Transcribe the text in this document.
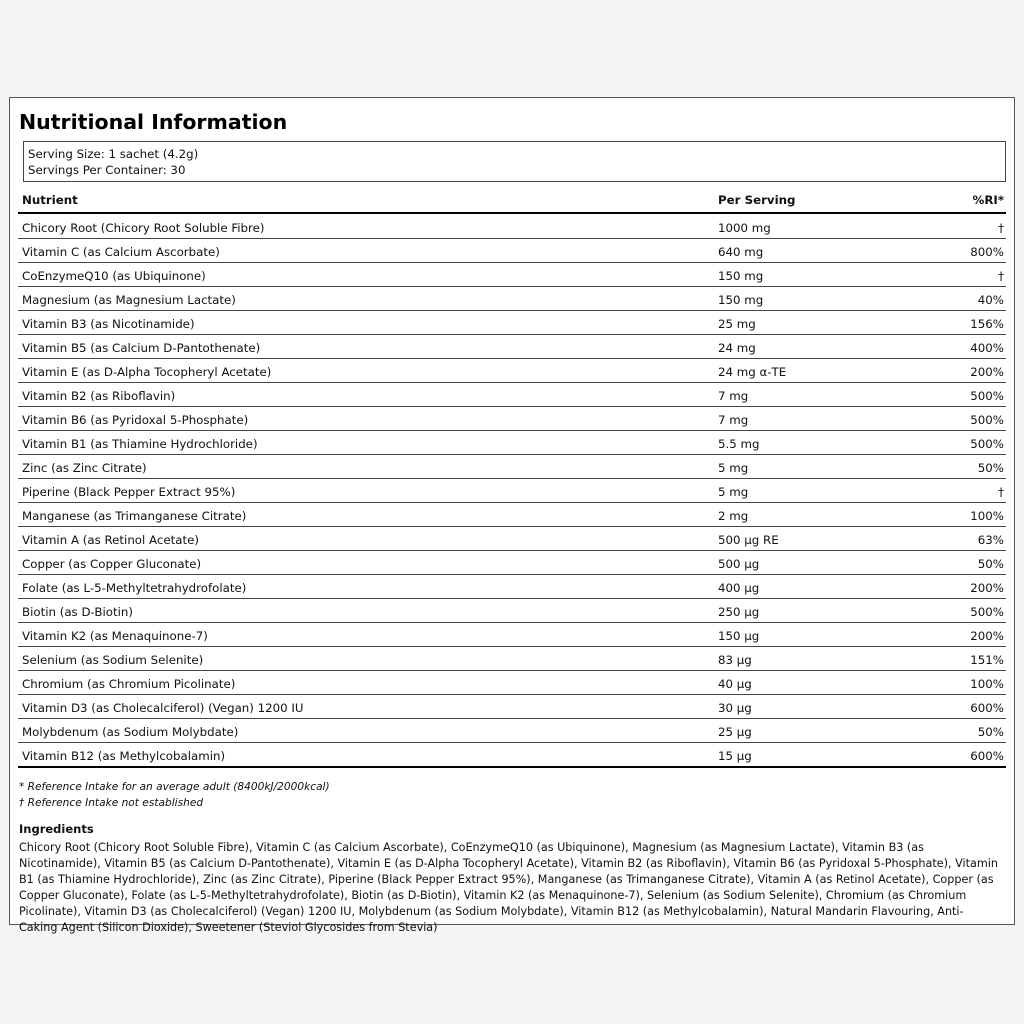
Nutritional Information
Serving Size: 1 sachet (4.2g)
Servings Per Container: 30
Nutrient	Per Serving	%RI*
Chicory Root (Chicory Root Soluble Fibre)	1000 mg	†
Vitamin C (as Calcium Ascorbate)	640 mg	800%
CoEnzymeQ10 (as Ubiquinone)	150 mg	†
Magnesium (as Magnesium Lactate)	150 mg	40%
Vitamin B3 (as Nicotinamide)	25 mg	156%
Vitamin B5 (as Calcium D-Pantothenate)	24 mg	400%
Vitamin E (as D-Alpha Tocopheryl Acetate)	24 mg α-TE	200%
Vitamin B2 (as Riboflavin)	7 mg	500%
Vitamin B6 (as Pyridoxal 5-Phosphate)	7 mg	500%
Vitamin B1 (as Thiamine Hydrochloride)	5.5 mg	500%
Zinc (as Zinc Citrate)	5 mg	50%
Piperine (Black Pepper Extract 95%)	5 mg	†
Manganese (as Trimanganese Citrate)	2 mg	100%
Vitamin A (as Retinol Acetate)	500 μg RE	63%
Copper (as Copper Gluconate)	500 μg	50%
Folate (as L-5-Methyltetrahydrofolate)	400 μg	200%
Biotin (as D-Biotin)	250 μg	500%
Vitamin K2 (as Menaquinone-7)	150 μg	200%
Selenium (as Sodium Selenite)	83 μg	151%
Chromium (as Chromium Picolinate)	40 μg	100%
Vitamin D3 (as Cholecalciferol) (Vegan) 1200 IU	30 μg	600%
Molybdenum (as Sodium Molybdate)	25 μg	50%
Vitamin B12 (as Methylcobalamin)	15 μg	600%
* Reference Intake for an average adult (8400kJ/2000kcal)
† Reference Intake not established
Ingredients
Chicory Root (Chicory Root Soluble Fibre), Vitamin C (as Calcium Ascorbate), CoEnzymeQ10 (as Ubiquinone), Magnesium (as Magnesium Lactate), Vitamin B3 (as Nicotinamide), Vitamin B5 (as Calcium D-Pantothenate), Vitamin E (as D-Alpha Tocopheryl Acetate), Vitamin B2 (as Riboflavin), Vitamin B6 (as Pyridoxal 5-Phosphate), Vitamin B1 (as Thiamine Hydrochloride), Zinc (as Zinc Citrate), Piperine (Black Pepper Extract 95%), Manganese (as Trimanganese Citrate), Vitamin A (as Retinol Acetate), Copper (as Copper Gluconate), Folate (as L-5-Methyltetrahydrofolate), Biotin (as D-Biotin), Vitamin K2 (as Menaquinone-7), Selenium (as Sodium Selenite), Chromium (as Chromium Picolinate), Vitamin D3 (as Cholecalciferol) (Vegan) 1200 IU, Molybdenum (as Sodium Molybdate), Vitamin B12 (as Methylcobalamin), Natural Mandarin Flavouring, Anti-Caking Agent (Silicon Dioxide), Sweetener (Steviol Glycosides from Stevia)
